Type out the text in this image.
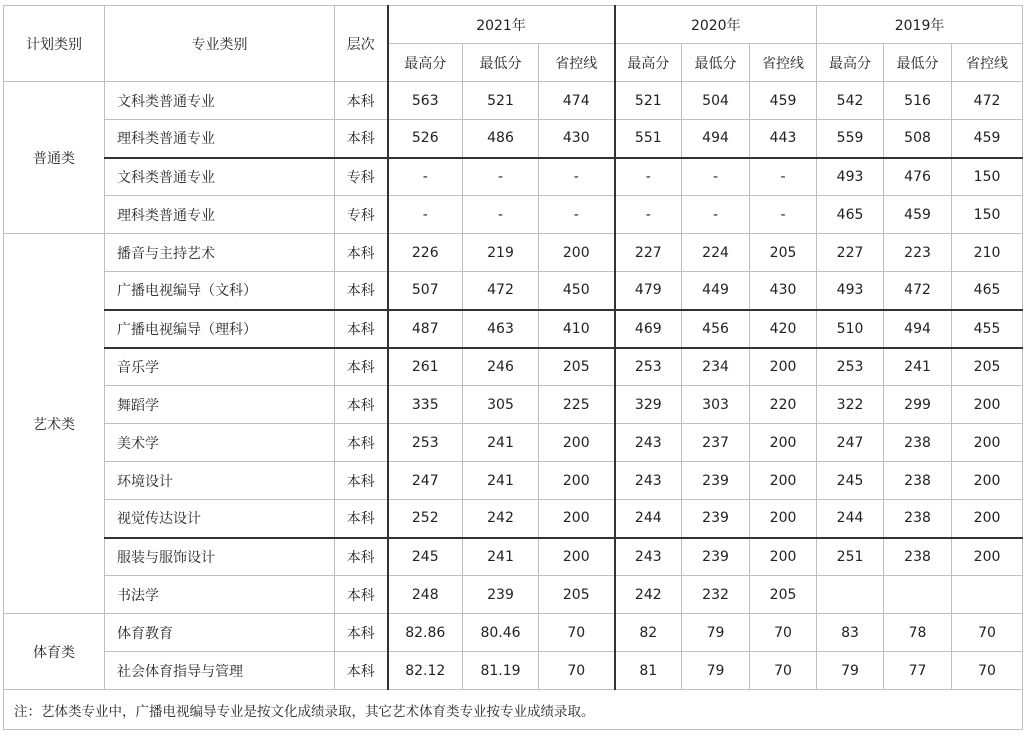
计划类别	专业类别	层次	2021年			2020年			2019年		
			最高分	最低分	省控线	最高分	最低分	省控线	最高分	最低分	省控线
普通类	文科类普通专业	本科	563	521	474	521	504	459	542	516	472
	理科类普通专业	本科	526	486	430	551	494	443	559	508	459
	文科类普通专业	专科	-	-	-	-	-	-	493	476	150
	理科类普通专业	专科	-	-	-	-	-	-	465	459	150
艺术类	播音与主持艺术	本科	226	219	200	227	224	205	227	223	210
	广播电视编导（文科）	本科	507	472	450	479	449	430	493	472	465
	广播电视编导（理科）	本科	487	463	410	469	456	420	510	494	455
	音乐学	本科	261	246	205	253	234	200	253	241	205
	舞蹈学	本科	335	305	225	329	303	220	322	299	200
	美术学	本科	253	241	200	243	237	200	247	238	200
	环境设计	本科	247	241	200	243	239	200	245	238	200
	视觉传达设计	本科	252	242	200	244	239	200	244	238	200
	服装与服饰设计	本科	245	241	200	243	239	200	251	238	200
	书法学	本科	248	239	205	242	232	205			
体育类	体育教育	本科	82.86	80.46	70	82	79	70	83	78	70
	社会体育指导与管理	本科	82.12	81.19	70	81	79	70	79	77	70
注：艺体类专业中，广播电视编导专业是按文化成绩录取，其它艺术体育类专业按专业成绩录取。											
